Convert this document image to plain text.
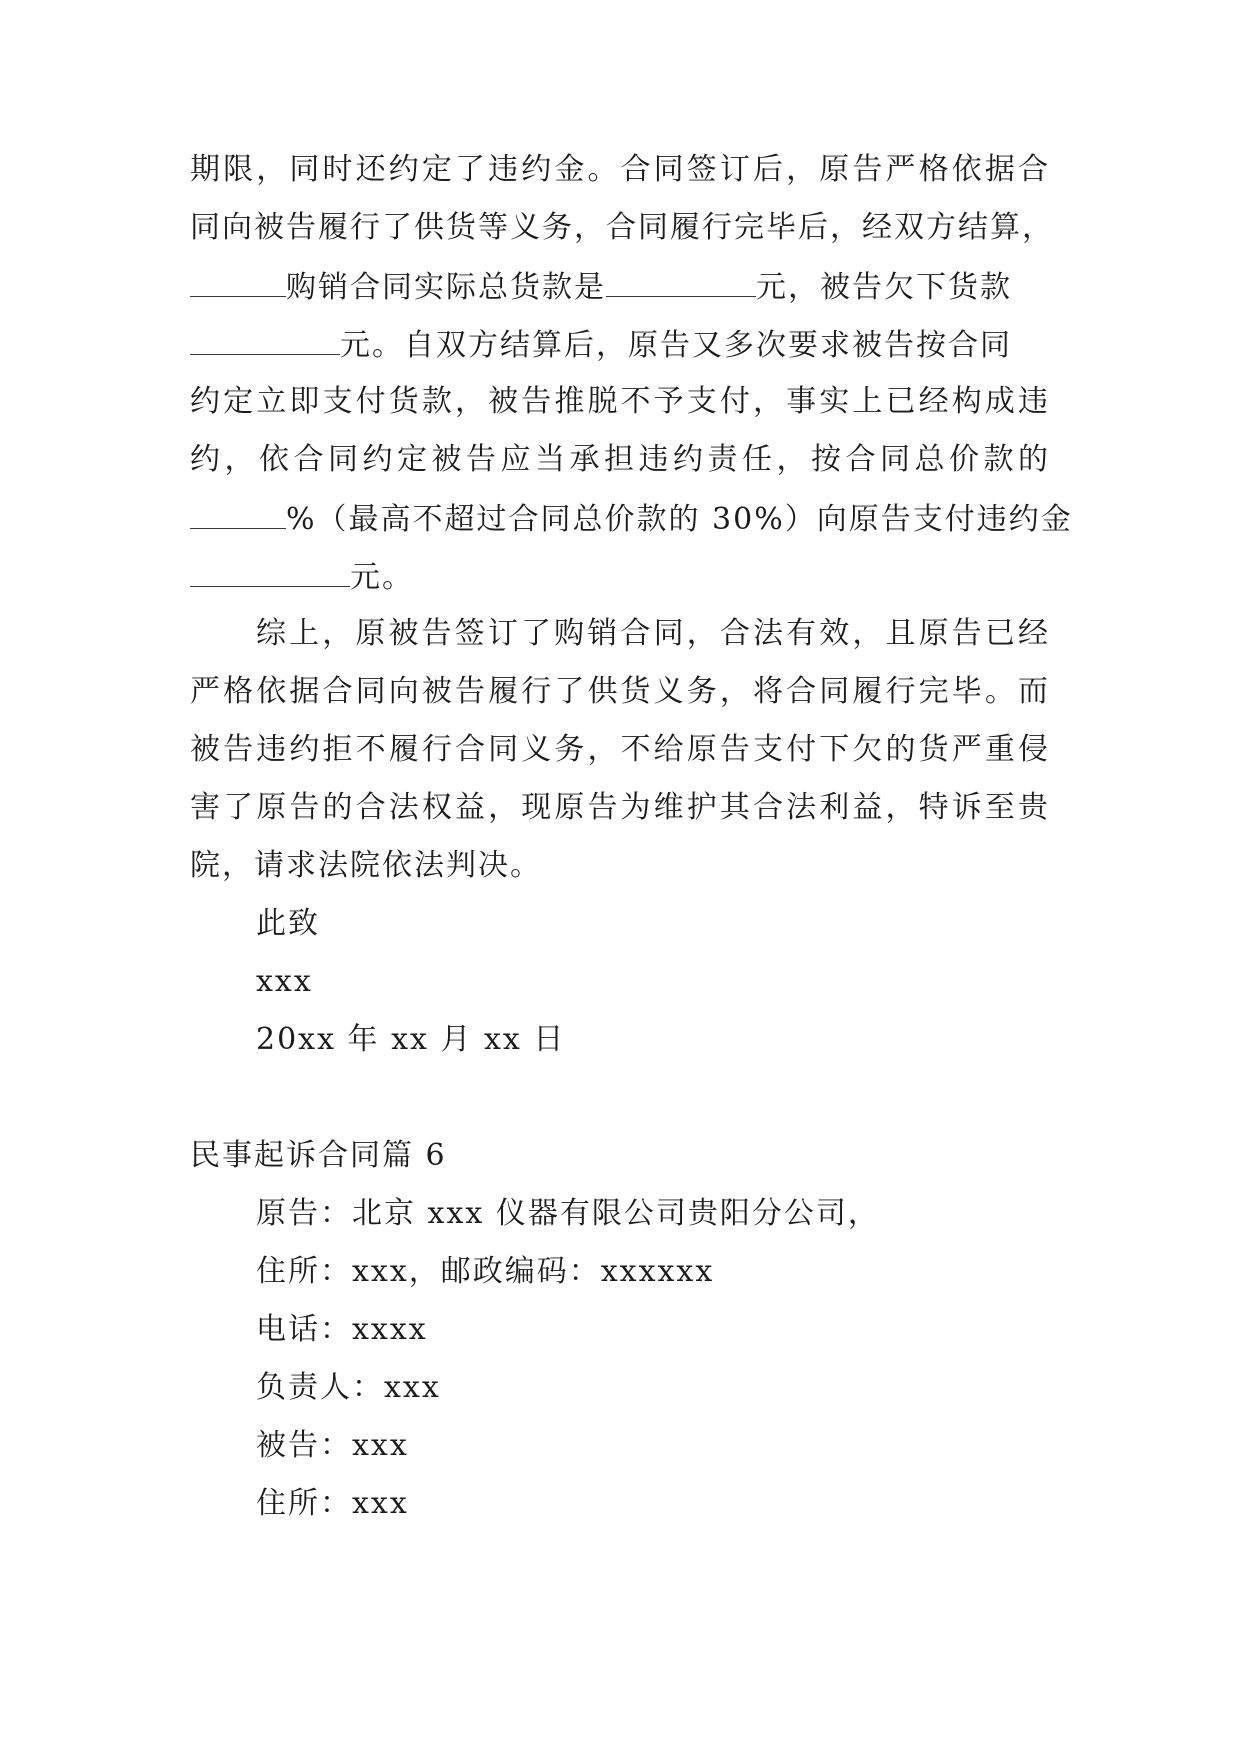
期限，同时还约定了违约金。合同签订后，原告严格依据合
同向被告履行了供货等义务，合同履行完毕后，经双方结算，
购销合同实际总货款是	元，被告欠下货款
元。自双方结算后，原告又多次要求被告按合同
约定立即支付货款，被告推脱不予支付，事实上已经构成违
约，依合同约定被告应当承担违约责任，按合同总价款的
%（最高不超过合同总价款的 30%）向原告支付违约金
元。
综上，原被告签订了购销合同，合法有效，且原告已经
严格依据合同向被告履行了供货义务，将合同履行完毕。而
被告违约拒不履行合同义务，不给原告支付下欠的货严重侵
害了原告的合法权益，现原告为维护其合法利益，特诉至贵
院，请求法院依法判决。
此致
xxx
20xx 年 xx 月 xx 日
民事起诉合同篇 6
原告：北京 xxx 仪器有限公司贵阳分公司，
住所：xxx，邮政编码：xxxxxx
电话：xxxx
负责人：xxx
被告：xxx
住所：xxx
